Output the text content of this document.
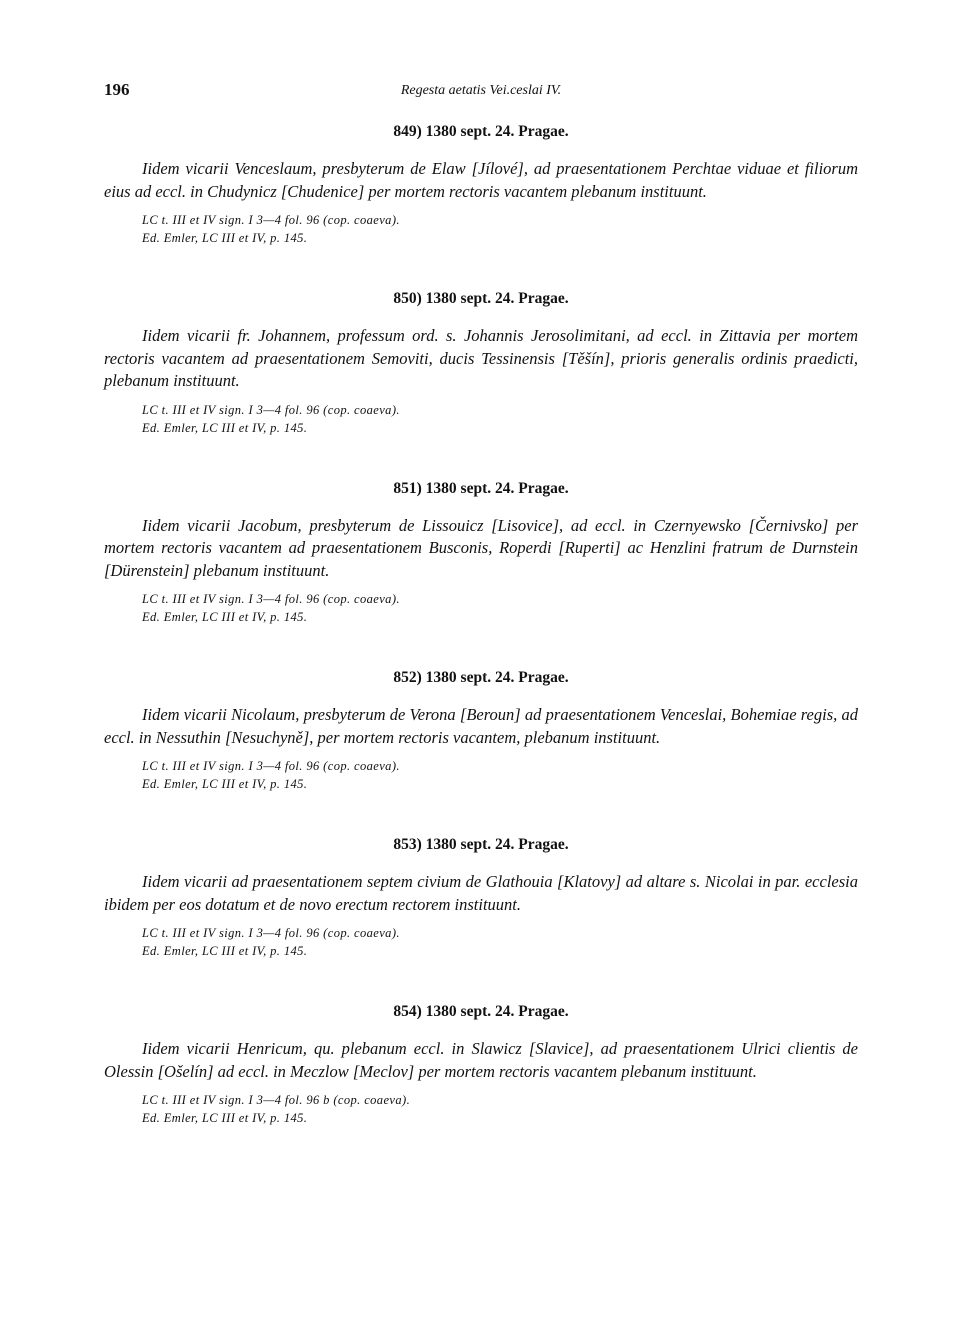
196	Regesta aetatis Vei.ceslai IV.
849) 1380 sept. 24. Pragae.

Iidem vicarii Venceslaum, presbyterum de Elaw [Jílové], ad praesentationem Perchtae viduae et filiorum eius ad eccl. in Chudynicz [Chudenice] per mortem rectoris vacantem plebanum instituunt.

LC t. III et IV sign. I 3—4 fol. 96 (cop. coaeva).
Ed. Emler, LC III et IV, p. 145.
850) 1380 sept. 24. Pragae.

Iidem vicarii fr. Johannem, professum ord. s. Johannis Jerosolimitani, ad eccl. in Zittavia per mortem rectoris vacantem ad praesentationem Semoviti, ducis Tessinensis [Těšín], prioris generalis ordinis praedicti, plebanum instituunt.

LC t. III et IV sign. I 3—4 fol. 96 (cop. coaeva).
Ed. Emler, LC III et IV, p. 145.
851) 1380 sept. 24. Pragae.

Iidem vicarii Jacobum, presbyterum de Lissouicz [Lisovice], ad eccl. in Czernyewsko [Černivsko] per mortem rectoris vacantem ad praesentationem Busconis, Roperdi [Ruperti] ac Henzlini fratrum de Durnstein [Dürenstein] plebanum instituunt.

LC t. III et IV sign. I 3—4 fol. 96 (cop. coaeva).
Ed. Emler, LC III et IV, p. 145.
852) 1380 sept. 24. Pragae.

Iidem vicarii Nicolaum, presbyterum de Verona [Beroun] ad praesentationem Venceslai, Bohemiae regis, ad eccl. in Nessuthin [Nesuchyně], per mortem rectoris vacantem, plebanum instituunt.

LC t. III et IV sign. I 3—4 fol. 96 (cop. coaeva).
Ed. Emler, LC III et IV, p. 145.
853) 1380 sept. 24. Pragae.

Iidem vicarii ad praesentationem septem civium de Glathouia [Klatovy] ad altare s. Nicolai in par. ecclesia ibidem per eos dotatum et de novo erectum rectorem instituunt.

LC t. III et IV sign. I 3—4 fol. 96 (cop. coaeva).
Ed. Emler, LC III et IV, p. 145.
854) 1380 sept. 24. Pragae.

Iidem vicarii Henricum, qu. plebanum eccl. in Slawicz [Slavice], ad praesentationem Ulrici clientis de Olessin [Ošelín] ad eccl. in Meczlow [Meclov] per mortem rectoris vacantem plebanum instituunt.

LC t. III et IV sign. I 3—4 fol. 96 b (cop. coaeva).
Ed. Emler, LC III et IV, p. 145.
